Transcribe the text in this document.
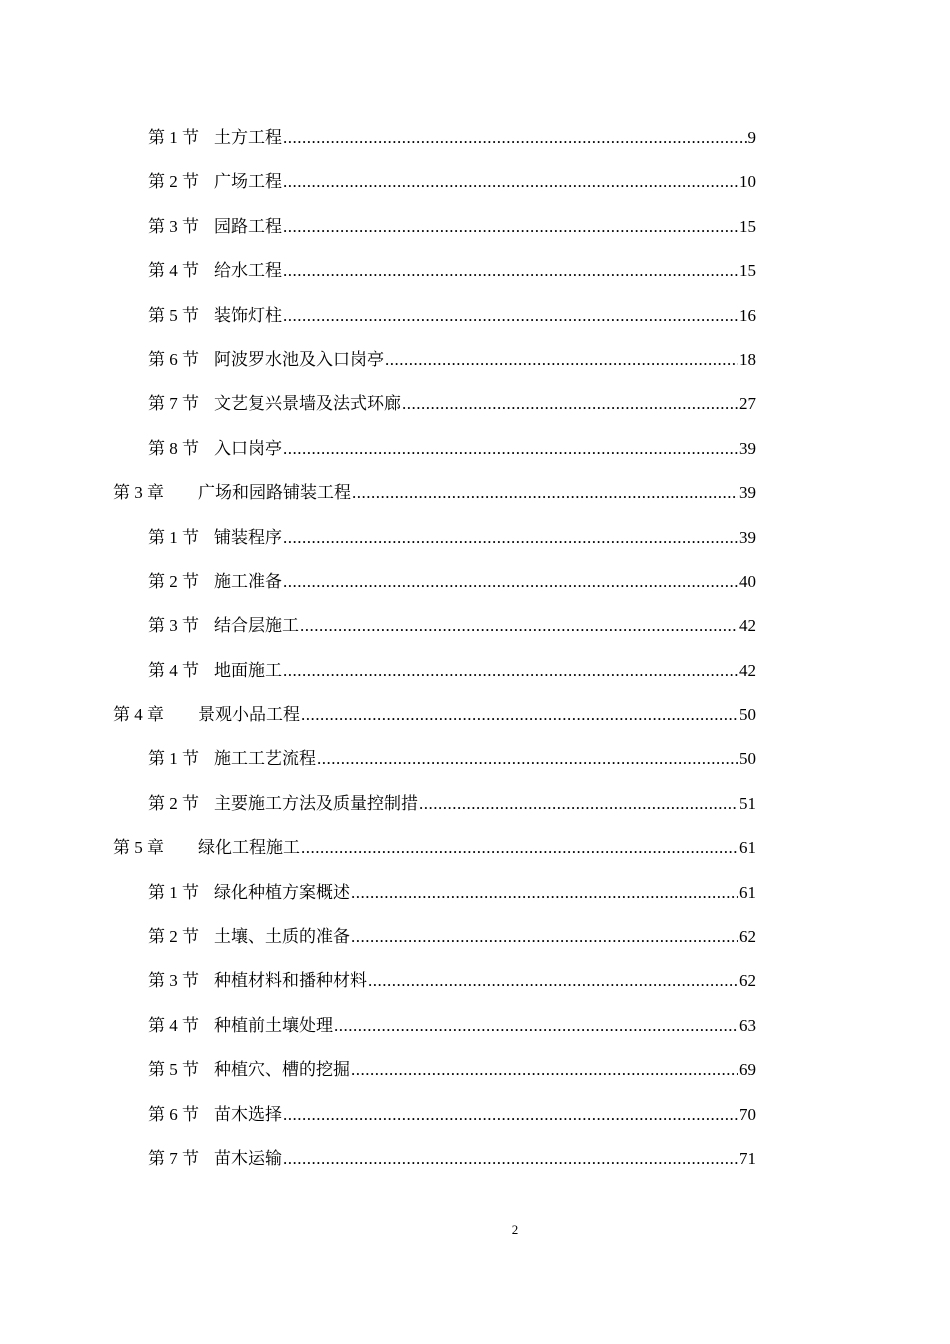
第 1 节 土方工程 .....	9
第 2 节 广场工程 .....	10
第 3 节 园路工程 .....	15
第 4 节 给水工程 .....	15
第 5 节 装饰灯柱 .....	16
第 6 节 阿波罗水池及入口岗亭 .....	18
第 7 节 文艺复兴景墙及法式环廊 .....	27
第 8 节 入口岗亭 .....	39
第 3 章	广场和园路铺装工程 .....	39
第 1 节 铺装程序 .....	39
第 2 节 施工准备 .....	40
第 3 节 结合层施工 .....	42
第 4 节 地面施工 .....	42
第 4 章	景观小品工程 .....	50
第 1 节 施工工艺流程 .....	50
第 2 节 主要施工方法及质量控制措 .....	51
第 5 章	绿化工程施工 .....	61
第 1 节 绿化种植方案概述 .....	61
第 2 节 土壤、土质的准备 .....	62
第 3 节 种植材料和播种材料 .....	62
第 4 节 种植前土壤处理 .....	63
第 5 节 种植穴、槽的挖掘 .....	69
第 6 节 苗木选择 .....	70
第 7 节 苗木运输 .....	71
2
